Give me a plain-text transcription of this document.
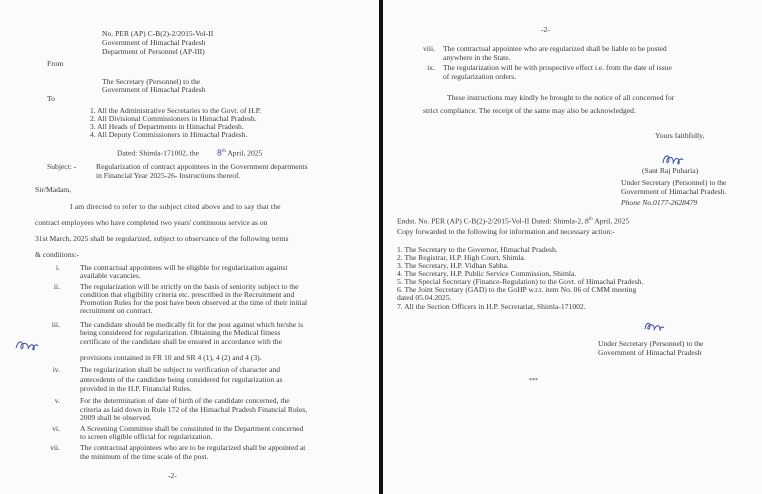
No. PER (AP) C-B(2)-2/2015-Vol-II
Government of Himachal Pradesh
Department of Personnel (AP-III)
From
The Secretary (Personnel) to the
Government of Himachal Pradesh
To
1. All the Administrative Secretaries to the Govt. of H.P.
2. All Divisional Commissioners in Himachal Pradesh.
3. All Heads of Departments in Himachal Pradesh.
4. All Deputy Commissioners in Himachal Pradesh.
Dated: Shimla-171002, the 8th April, 2025
Subject: -	Regularization of contract appointees in the Government departments
in Financial Year 2025-26- Instructions thereof.
Sir/Madam,
I am directed to refer to the subject cited above and to say that the
contract employees who have completed two years' continuous service as on
31st March, 2025 shall be regularized, subject to observance of the following terms
& conditions:-
i.	The contractual appointees will be eligible for regularization against
available vacancies.
ii.	The regularization will be strictly on the basis of seniority subject to the
condition that eligibility criteria etc. prescribed in the Recruitment and
Promotion Rules for the post have been observed at the time of their initial
recruitment on contract.
iii.	The candidate should be medically fit for the post against which he/she is
being considered for regularization. Obtaining the Medical fitness
certificate of the candidate shall be ensured in accordance with the
provisions contained in FR 10 and SR 4 (1), 4 (2) and 4 (3).
iv.	The regularization shall be subject to verification of character and
antecedents of the candidate being considered for regularization as
provided in the H.P. Financial Rules.
v.	For the determination of date of birth of the candidate concerned, the
criteria as laid down in Rule 172 of the Himachal Pradesh Financial Rules,
2009 shall be observed.
vi.	A Screening Committee shall be constituted in the Department concerned
to screen eligible official for regularization.
vii.	The contractual appointees who are to be regularized shall be appointed at
the minimum of the time scale of the post.
-2-
-2-
viii. The contractual appointee who are regularized shall be liable to be posted
anywhere in the State.
ix. The regularization will be with prospective effect i.e. from the date of issue
of regularization orders.
These instructions may kindly be brought to the notice of all concerned for
strict compliance. The receipt of the same may also be acknowledged.
Yours faithfully,
(Sant Raj Puharia)
Under Secretary (Personnel) to the
Government of Himachal Pradesh.
Phone No.0177-2628479
Endst. No. PER (AP) C-B(2)-2/2015-Vol-II Dated: Shimla-2, 8th April, 2025
Copy forwarded to the following for information and necessary action:-
1. The Secretary to the Governor, Himachal Pradesh.
2. The Registrar, H.P. High Court, Shimla.
3. The Secretary, H.P. Vidhan Sabha.
4. The Secretary, H.P. Public Service Commission, Shimla.
5. The Special Secretary (Finance-Regulation) to the Govt. of Himachal Pradesh.
6. The Joint Secretary (GAD) to the GoHP w.r.t. item No. 06 of CMM meeting
dated 05.04.2025.
7. All the Section Officers in H.P. Secretariat, Shimla-171002.
Under Secretary (Personnel) to the
Government of Himachal Pradesh
***
